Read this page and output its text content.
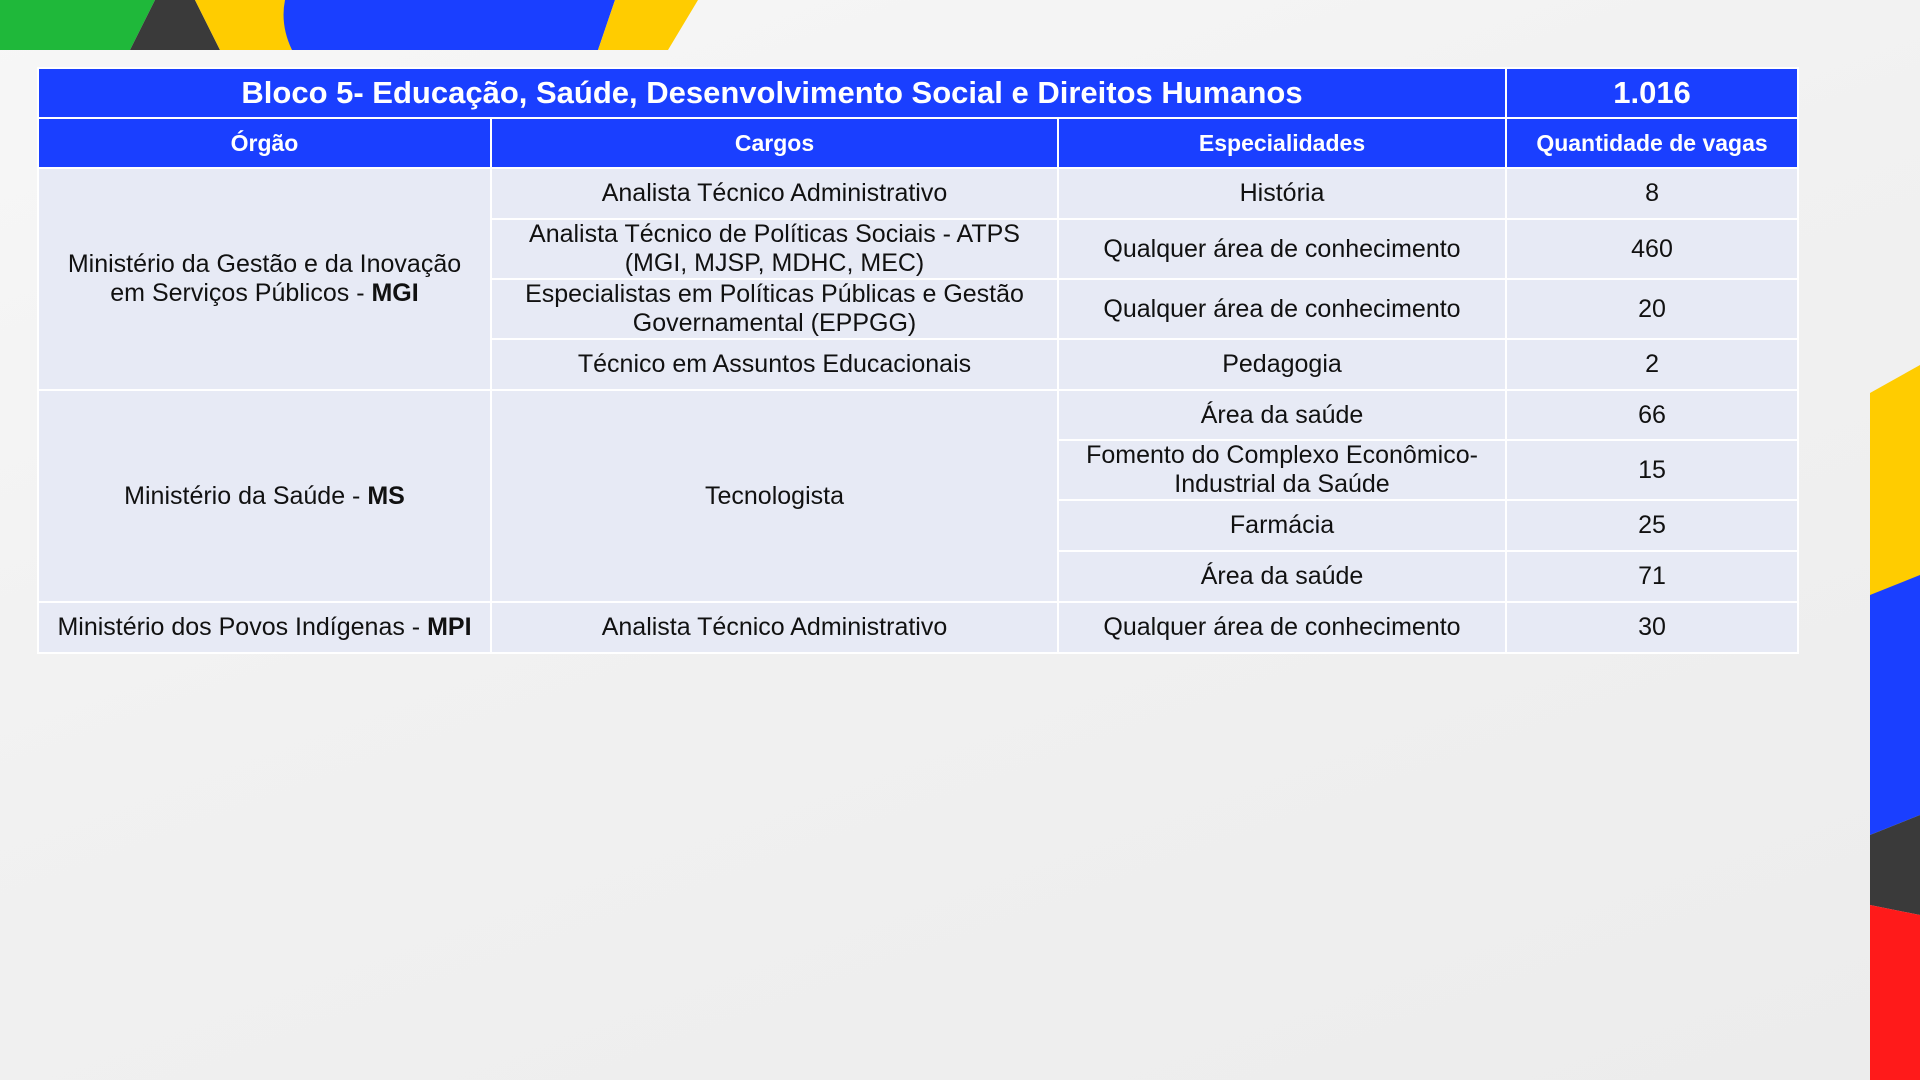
Bloco 5- Educação, Saúde, Desenvolvimento Social e Direitos Humanos			1.016
Órgão	Cargos	Especialidades	Quantidade de vagas
Ministério da Gestão e da Inovação em Serviços Públicos - MGI	Analista Técnico Administrativo	História	8
	Analista Técnico de Políticas Sociais - ATPS (MGI, MJSP, MDHC, MEC)	Qualquer área de conhecimento	460
	Especialistas em Políticas Públicas e Gestão Governamental (EPPGG)	Qualquer área de conhecimento	20
	Técnico em Assuntos Educacionais	Pedagogia	2
Ministério da Saúde - MS	Tecnologista	Área da saúde	66
		Fomento do Complexo Econômico-Industrial da Saúde	15
		Farmácia	25
		Área da saúde	71
Ministério dos Povos Indígenas - MPI	Analista Técnico Administrativo	Qualquer área de conhecimento	30
